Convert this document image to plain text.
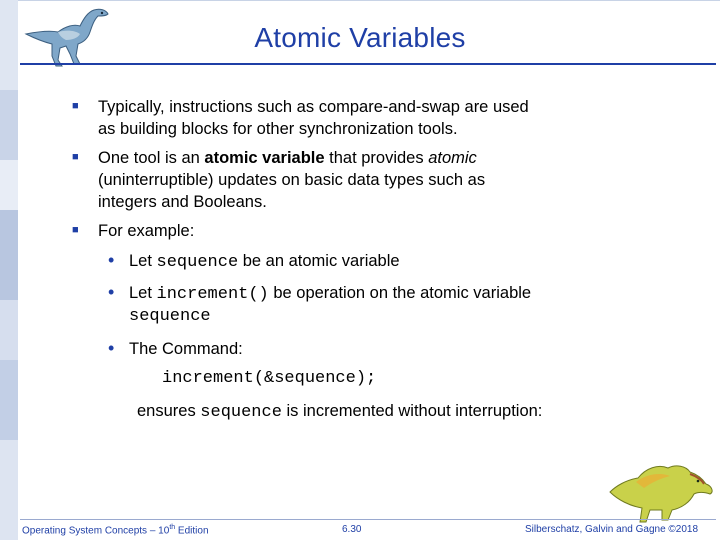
Atomic Variables
■ Typically, instructions such as compare-and-swap are used
as building blocks for other synchronization tools.
■ One tool is an atomic variable that provides atomic
(uninterruptible) updates on basic data types such as
integers and Booleans.
■ For example:
• Let sequence be an atomic variable
• Let increment() be operation on the atomic variable
sequence
• The Command:
increment(&sequence);
ensures sequence is incremented without interruption:
Operating System Concepts – 10th Edition	6.30	Silberschatz, Galvin and Gagne ©2018
